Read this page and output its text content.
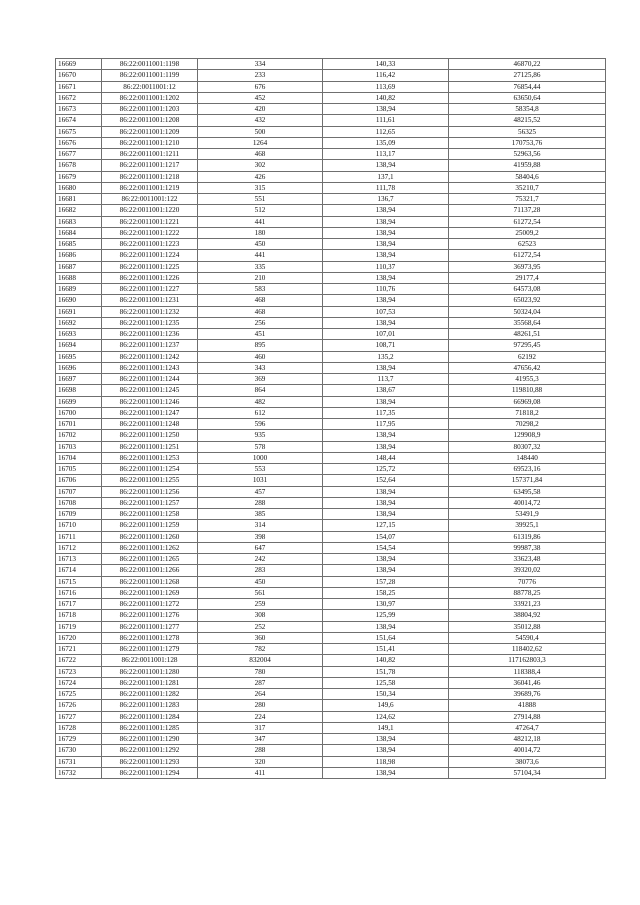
16669	86:22:0011001:1198	334	140,33	46870,22
16670	86:22:0011001:1199	233	116,42	27125,86
16671	86:22:0011001:12	676	113,69	76854,44
16672	86:22:0011001:1202	452	140,82	63650,64
16673	86:22:0011001:1203	420	138,94	58354,8
16674	86:22:0011001:1208	432	111,61	48215,52
16675	86:22:0011001:1209	500	112,65	56325
16676	86:22:0011001:1210	1264	135,09	170753,76
16677	86:22:0011001:1211	468	113,17	52963,56
16678	86:22:0011001:1217	302	138,94	41959,88
16679	86:22:0011001:1218	426	137,1	58404,6
16680	86:22:0011001:1219	315	111,78	35210,7
16681	86:22:0011001:122	551	136,7	75321,7
16682	86:22:0011001:1220	512	138,94	71137,28
16683	86:22:0011001:1221	441	138,94	61272,54
16684	86:22:0011001:1222	180	138,94	25009,2
16685	86:22:0011001:1223	450	138,94	62523
16686	86:22:0011001:1224	441	138,94	61272,54
16687	86:22:0011001:1225	335	110,37	36973,95
16688	86:22:0011001:1226	210	138,94	29177,4
16689	86:22:0011001:1227	583	110,76	64573,08
16690	86:22:0011001:1231	468	138,94	65023,92
16691	86:22:0011001:1232	468	107,53	50324,04
16692	86:22:0011001:1235	256	138,94	35568,64
16693	86:22:0011001:1236	451	107,01	48261,51
16694	86:22:0011001:1237	895	108,71	97295,45
16695	86:22:0011001:1242	460	135,2	62192
16696	86:22:0011001:1243	343	138,94	47656,42
16697	86:22:0011001:1244	369	113,7	41955,3
16698	86:22:0011001:1245	864	138,67	119810,88
16699	86:22:0011001:1246	482	138,94	66969,08
16700	86:22:0011001:1247	612	117,35	71818,2
16701	86:22:0011001:1248	596	117,95	70298,2
16702	86:22:0011001:1250	935	138,94	129908,9
16703	86:22:0011001:1251	578	138,94	80307,32
16704	86:22:0011001:1253	1000	148,44	148440
16705	86:22:0011001:1254	553	125,72	69523,16
16706	86:22:0011001:1255	1031	152,64	157371,84
16707	86:22:0011001:1256	457	138,94	63495,58
16708	86:22:0011001:1257	288	138,94	40014,72
16709	86:22:0011001:1258	385	138,94	53491,9
16710	86:22:0011001:1259	314	127,15	39925,1
16711	86:22:0011001:1260	398	154,07	61319,86
16712	86:22:0011001:1262	647	154,54	99987,38
16713	86:22:0011001:1265	242	138,94	33623,48
16714	86:22:0011001:1266	283	138,94	39320,02
16715	86:22:0011001:1268	450	157,28	70776
16716	86:22:0011001:1269	561	158,25	88778,25
16717	86:22:0011001:1272	259	130,97	33921,23
16718	86:22:0011001:1276	308	125,99	38804,92
16719	86:22:0011001:1277	252	138,94	35012,88
16720	86:22:0011001:1278	360	151,64	54590,4
16721	86:22:0011001:1279	782	151,41	118402,62
16722	86:22:0011001:128	832004	140,82	117162803,3
16723	86:22:0011001:1280	780	151,78	118388,4
16724	86:22:0011001:1281	287	125,58	36041,46
16725	86:22:0011001:1282	264	150,34	39689,76
16726	86:22:0011001:1283	280	149,6	41888
16727	86:22:0011001:1284	224	124,62	27914,88
16728	86:22:0011001:1285	317	149,1	47264,7
16729	86:22:0011001:1290	347	138,94	48212,18
16730	86:22:0011001:1292	288	138,94	40014,72
16731	86:22:0011001:1293	320	118,98	38073,6
16732	86:22:0011001:1294	411	138,94	57104,34
